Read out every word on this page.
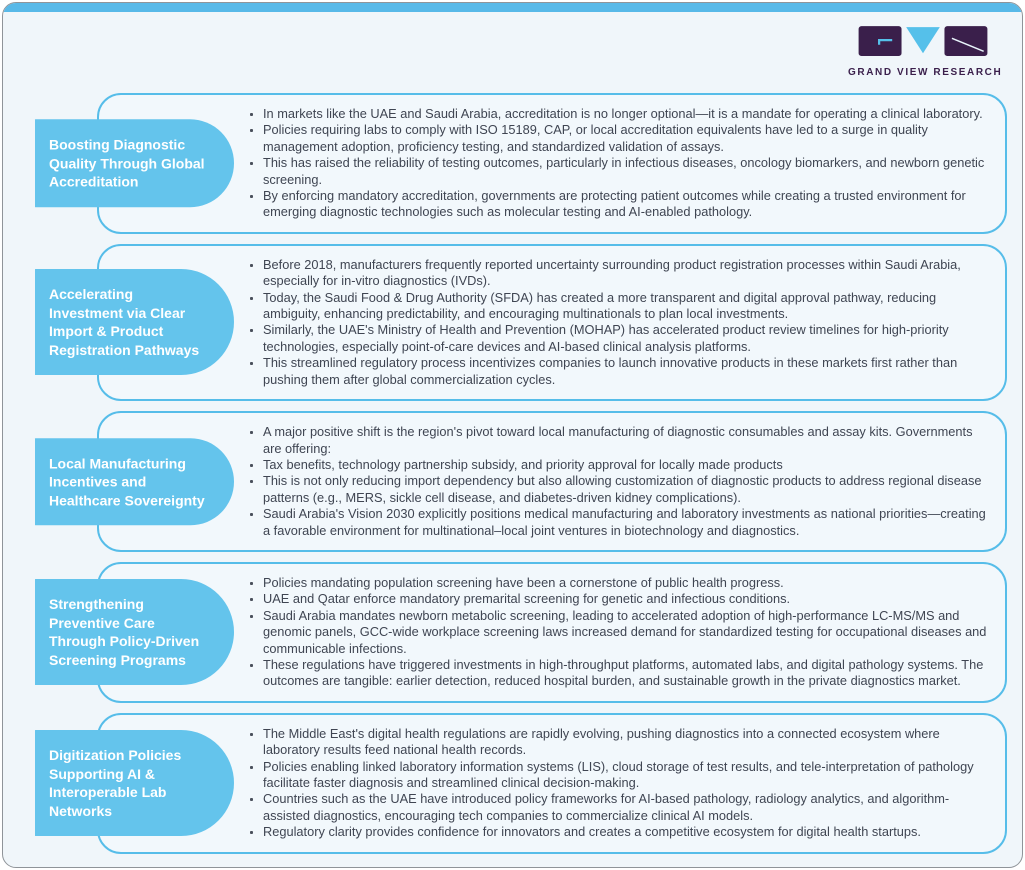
GRAND VIEW RESEARCH
Boosting Diagnostic Quality Through Global Accreditation
In markets like the UAE and Saudi Arabia, accreditation is no longer optional—it is a mandate for operating a clinical laboratory.
Policies requiring labs to comply with ISO 15189, CAP, or local accreditation equivalents have led to a surge in quality management adoption, proficiency testing, and standardized validation of assays.
This has raised the reliability of testing outcomes, particularly in infectious diseases, oncology biomarkers, and newborn genetic screening.
By enforcing mandatory accreditation, governments are protecting patient outcomes while creating a trusted environment for emerging diagnostic technologies such as molecular testing and AI-enabled pathology.
Accelerating Investment via Clear Import & Product Registration Pathways
Before 2018, manufacturers frequently reported uncertainty surrounding product registration processes within Saudi Arabia, especially for in-vitro diagnostics (IVDs).
Today, the Saudi Food & Drug Authority (SFDA) has created a more transparent and digital approval pathway, reducing ambiguity, enhancing predictability, and encouraging multinationals to plan local investments.
Similarly, the UAE's Ministry of Health and Prevention (MOHAP) has accelerated product review timelines for high-priority technologies, especially point-of-care devices and AI-based clinical analysis platforms.
This streamlined regulatory process incentivizes companies to launch innovative products in these markets first rather than pushing them after global commercialization cycles.
Local Manufacturing Incentives and Healthcare Sovereignty
A major positive shift is the region's pivot toward local manufacturing of diagnostic consumables and assay kits. Governments are offering:
Tax benefits, technology partnership subsidy, and priority approval for locally made products
This is not only reducing import dependency but also allowing customization of diagnostic products to address regional disease patterns (e.g., MERS, sickle cell disease, and diabetes-driven kidney complications).
Saudi Arabia's Vision 2030 explicitly positions medical manufacturing and laboratory investments as national priorities—creating a favorable environment for multinational–local joint ventures in biotechnology and diagnostics.
Strengthening Preventive Care Through Policy-Driven Screening Programs
Policies mandating population screening have been a cornerstone of public health progress.
UAE and Qatar enforce mandatory premarital screening for genetic and infectious conditions.
Saudi Arabia mandates newborn metabolic screening, leading to accelerated adoption of high-performance LC-MS/MS and genomic panels, GCC-wide workplace screening laws increased demand for standardized testing for occupational diseases and communicable infections.
These regulations have triggered investments in high-throughput platforms, automated labs, and digital pathology systems. The outcomes are tangible: earlier detection, reduced hospital burden, and sustainable growth in the private diagnostics market.
Digitization Policies Supporting AI & Interoperable Lab Networks
The Middle East's digital health regulations are rapidly evolving, pushing diagnostics into a connected ecosystem where laboratory results feed national health records.
Policies enabling linked laboratory information systems (LIS), cloud storage of test results, and tele-interpretation of pathology facilitate faster diagnosis and streamlined clinical decision-making.
Countries such as the UAE have introduced policy frameworks for AI-based pathology, radiology analytics, and algorithm-assisted diagnostics, encouraging tech companies to commercialize clinical AI models.
Regulatory clarity provides confidence for innovators and creates a competitive ecosystem for digital health startups.
